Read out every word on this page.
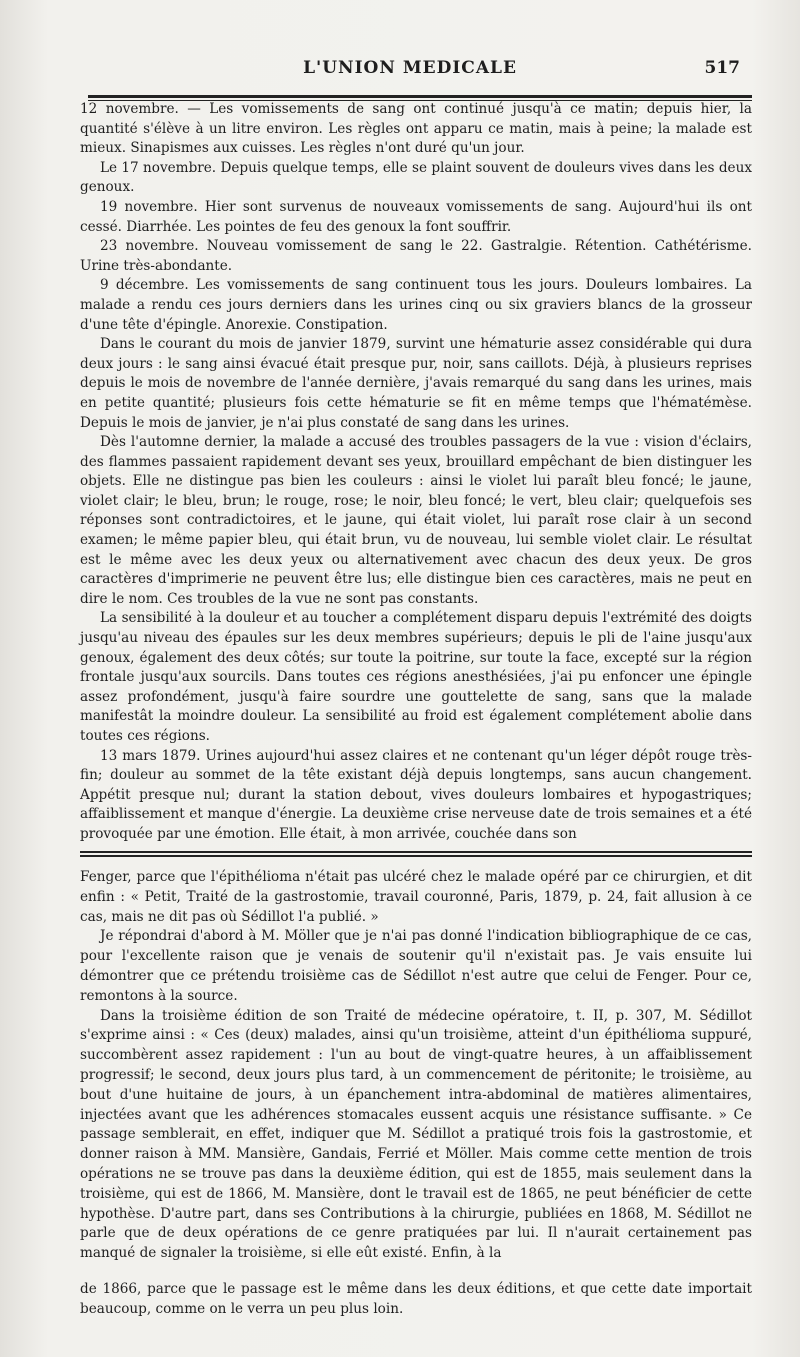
L'UNION MEDICALE	517

12 novembre. — Les vomissements de sang ont continué jusqu'à ce matin; depuis hier, la quantité s'élève à un litre environ. Les règles ont apparu ce matin, mais à peine; la malade est mieux. Sinapismes aux cuisses. Les règles n'ont duré qu'un jour.

Le 17 novembre. Depuis quelque temps, elle se plaint souvent de douleurs vives dans les deux genoux.

19 novembre. Hier sont survenus de nouveaux vomissements de sang. Aujourd'hui ils ont cessé. Diarrhée. Les pointes de feu des genoux la font souffrir.

23 novembre. Nouveau vomissement de sang le 22. Gastralgie. Rétention. Cathétérisme. Urine très-abondante.

9 décembre. Les vomissements de sang continuent tous les jours. Douleurs lombaires. La malade a rendu ces jours derniers dans les urines cinq ou six graviers blancs de la grosseur d'une tête d'épingle. Anorexie. Constipation.

Dans le courant du mois de janvier 1879, survint une hématurie assez considérable qui dura deux jours : le sang ainsi évacué était presque pur, noir, sans caillots. Déjà, à plusieurs reprises depuis le mois de novembre de l'année dernière, j'avais remarqué du sang dans les urines, mais en petite quantité; plusieurs fois cette hématurie se fit en même temps que l'hématémèse. Depuis le mois de janvier, je n'ai plus constaté de sang dans les urines.

Dès l'automne dernier, la malade a accusé des troubles passagers de la vue : vision d'éclairs, des flammes passaient rapidement devant ses yeux, brouillard empêchant de bien distinguer les objets. Elle ne distingue pas bien les couleurs : ainsi le violet lui paraît bleu foncé; le jaune, violet clair; le bleu, brun; le rouge, rose; le noir, bleu foncé; le vert, bleu clair; quelquefois ses réponses sont contradictoires, et le jaune, qui était violet, lui paraît rose clair à un second examen; le même papier bleu, qui était brun, vu de nouveau, lui semble violet clair. Le résultat est le même avec les deux yeux ou alternativement avec chacun des deux yeux. De gros caractères d'imprimerie ne peuvent être lus; elle distingue bien ces caractères, mais ne peut en dire le nom. Ces troubles de la vue ne sont pas constants.

La sensibilité à la douleur et au toucher a complétement disparu depuis l'extrémité des doigts jusqu'au niveau des épaules sur les deux membres supérieurs; depuis le pli de l'aine jusqu'aux genoux, également des deux côtés; sur toute la poitrine, sur toute la face, excepté sur la région frontale jusqu'aux sourcils. Dans toutes ces régions anesthésiées, j'ai pu enfoncer une épingle assez profondément, jusqu'à faire sourdre une gouttelette de sang, sans que la malade manifestât la moindre douleur. La sensibilité au froid est également complétement abolie dans toutes ces régions.

13 mars 1879. Urines aujourd'hui assez claires et ne contenant qu'un léger dépôt rouge très-fin; douleur au sommet de la tête existant déjà depuis longtemps, sans aucun changement. Appétit presque nul; durant la station debout, vives douleurs lombaires et hypogastriques; affaiblissement et manque d'énergie. La deuxième crise nerveuse date de trois semaines et a été provoquée par une émotion. Elle était, à mon arrivée, couchée dans son

Fenger, parce que l'épithélioma n'était pas ulcéré chez le malade opéré par ce chirurgien, et dit enfin : « Petit, Traité de la gastrostomie, travail couronné, Paris, 1879, p. 24, fait allusion à ce cas, mais ne dit pas où Sédillot l'a publié. »

Je répondrai d'abord à M. Möller que je n'ai pas donné l'indication bibliographique de ce cas, pour l'excellente raison que je venais de soutenir qu'il n'existait pas. Je vais ensuite lui démontrer que ce prétendu troisième cas de Sédillot n'est autre que celui de Fenger. Pour ce, remontons à la source.

Dans la troisième édition de son Traité de médecine opératoire, t. II, p. 307, M. Sédillot s'exprime ainsi : « Ces (deux) malades, ainsi qu'un troisième, atteint d'un épithélioma suppuré, succombèrent assez rapidement : l'un au bout de vingt-quatre heures, à un affaiblissement progressif; le second, deux jours plus tard, à un commencement de péritonite; le troisième, au bout d'une huitaine de jours, à un épanchement intra-abdominal de matières alimentaires, injectées avant que les adhérences stomacales eussent acquis une résistance suffisante. » Ce passage semblerait, en effet, indiquer que M. Sédillot a pratiqué trois fois la gastrostomie, et donner raison à MM. Mansière, Gandais, Ferrié et Möller. Mais comme cette mention de trois opérations ne se trouve pas dans la deuxième édition, qui est de 1855, mais seulement dans la troisième, qui est de 1866, M. Mansière, dont le travail est de 1865, ne peut bénéficier de cette hypothèse. D'autre part, dans ses Contributions à la chirurgie, publiées en 1868, M. Sédillot ne parle que de deux opérations de ce genre pratiquées par lui. Il n'aurait certainement pas manqué de signaler la troisième, si elle eût existé. Enfin, à la

de 1866, parce que le passage est le même dans les deux éditions, et que cette date importait beaucoup, comme on le verra un peu plus loin.
